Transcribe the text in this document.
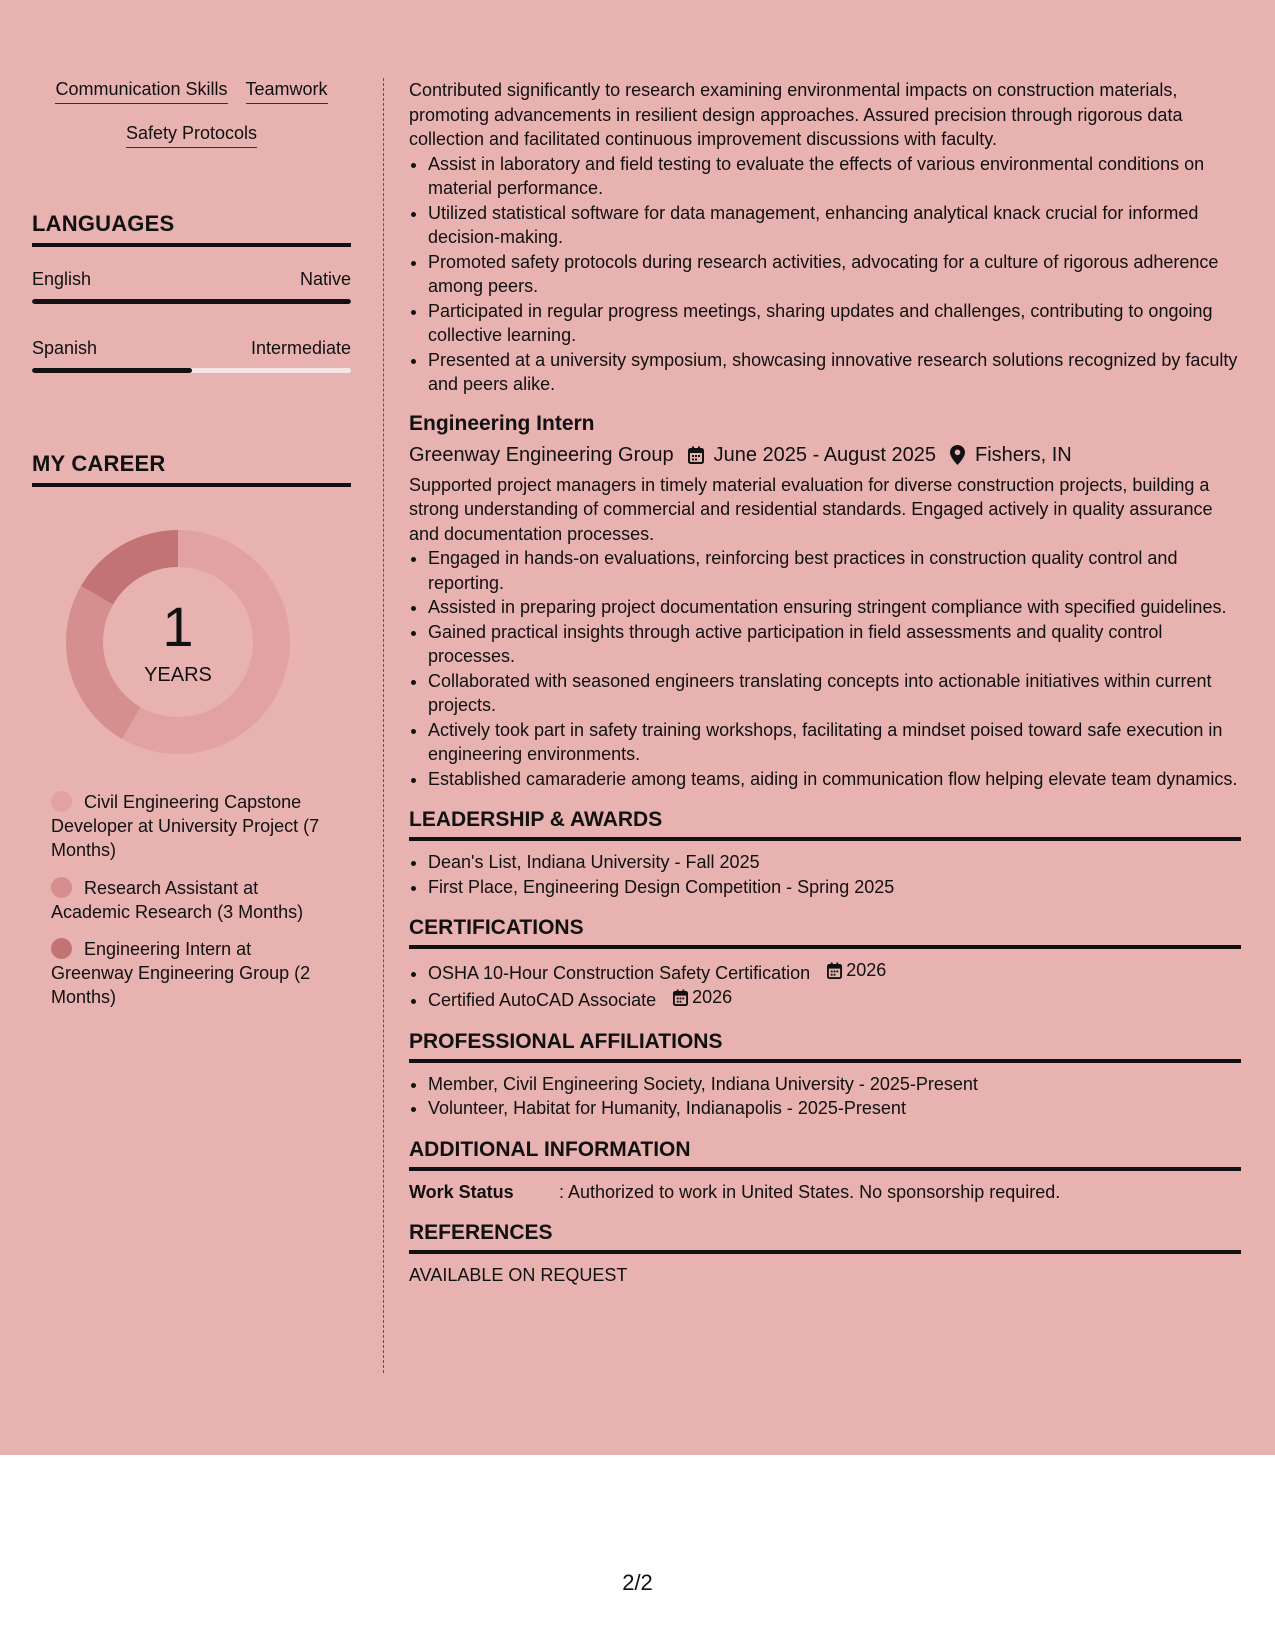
Communication Skills Teamwork
Safety Protocols
LANGUAGES
English	Native
Spanish	Intermediate
MY CAREER
1
YEARS
Civil Engineering Capstone Developer at University Project (7 Months)
Research Assistant at Academic Research (3 Months)
Engineering Intern at Greenway Engineering Group (2 Months)

Contributed significantly to research examining environmental impacts on construction materials, promoting advancements in resilient design approaches. Assured precision through rigorous data collection and facilitated continuous improvement discussions with faculty.

• Assist in laboratory and field testing to evaluate the effects of various environmental conditions on material performance.
• Utilized statistical software for data management, enhancing analytical knack crucial for informed decision-making.
• Promoted safety protocols during research activities, advocating for a culture of rigorous adherence among peers.
• Participated in regular progress meetings, sharing updates and challenges, contributing to ongoing collective learning.
• Presented at a university symposium, showcasing innovative research solutions recognized by faculty and peers alike.
Engineering Intern
Greenway Engineering Group June 2025 - August 2025 Fishers, IN

Supported project managers in timely material evaluation for diverse construction projects, building a strong understanding of commercial and residential standards. Engaged actively in quality assurance and documentation processes.

• Engaged in hands-on evaluations, reinforcing best practices in construction quality control and reporting.
• Assisted in preparing project documentation ensuring stringent compliance with specified guidelines.
• Gained practical insights through active participation in field assessments and quality control processes.
• Collaborated with seasoned engineers translating concepts into actionable initiatives within current projects.
• Actively took part in safety training workshops, facilitating a mindset poised toward safe execution in engineering environments.
• Established camaraderie among teams, aiding in communication flow helping elevate team dynamics.
LEADERSHIP & AWARDS
• Dean's List, Indiana University - Fall 2025
• First Place, Engineering Design Competition - Spring 2025
CERTIFICATIONS
• OSHA 10-Hour Construction Safety Certification 2026
• Certified AutoCAD Associate 2026
PROFESSIONAL AFFILIATIONS
• Member, Civil Engineering Society, Indiana University - 2025-Present
• Volunteer, Habitat for Humanity, Indianapolis - 2025-Present
ADDITIONAL INFORMATION
Work Status	: Authorized to work in United States. No sponsorship required.
REFERENCES
AVAILABLE ON REQUEST
2/2
